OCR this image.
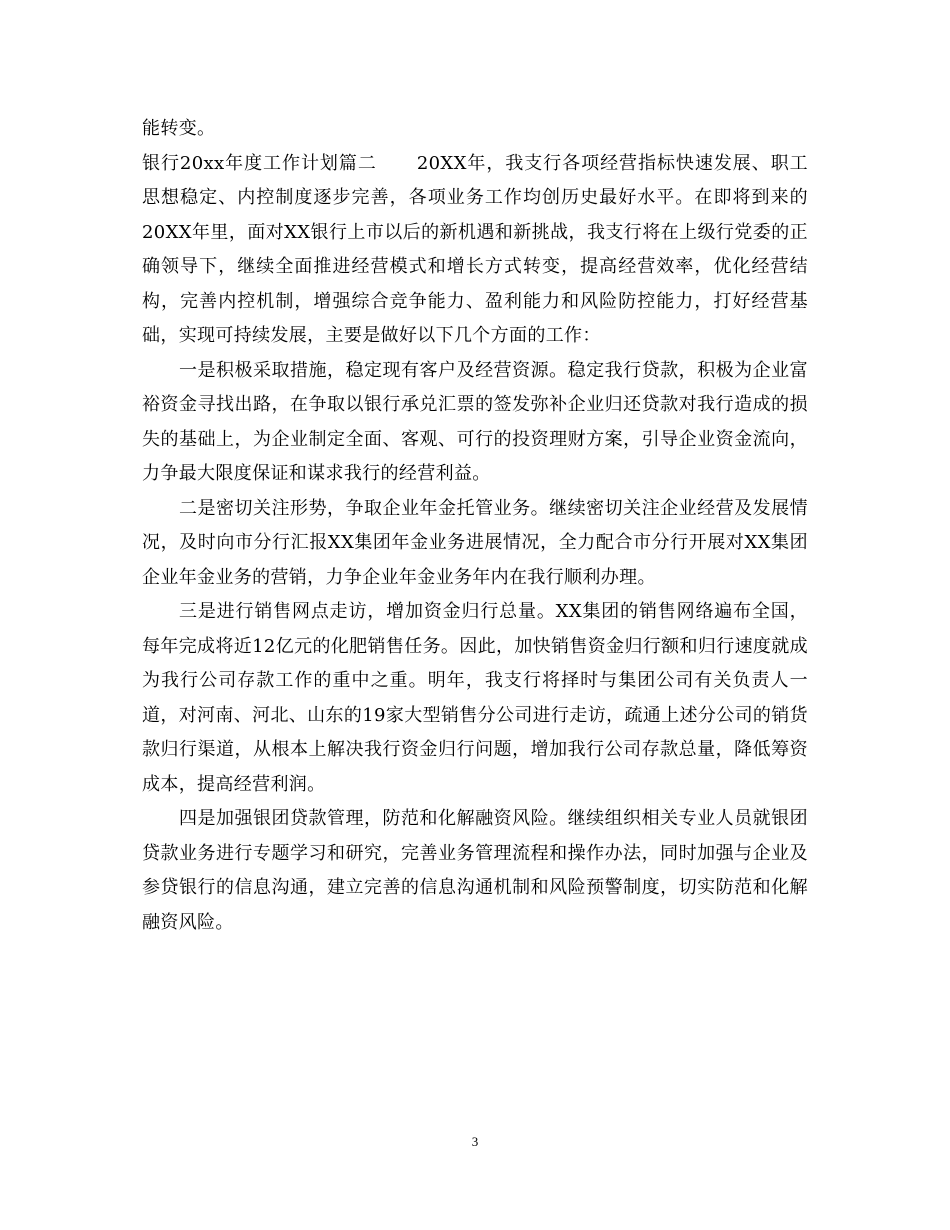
能转变。

银行20xx年度工作计划篇二 20XX年，我支行各项经营指标快速发展、职工思想稳定、内控制度逐步完善，各项业务工作均创历史最好水平。在即将到来的20XX年里，面对XX银行上市以后的新机遇和新挑战，我支行将在上级行党委的正确领导下，继续全面推进经营模式和增长方式转变，提高经营效率，优化经营结构，完善内控机制，增强综合竞争能力、盈利能力和风险防控能力，打好经营基础，实现可持续发展，主要是做好以下几个方面的工作：

一是积极采取措施，稳定现有客户及经营资源。稳定我行贷款，积极为企业富裕资金寻找出路，在争取以银行承兑汇票的签发弥补企业归还贷款对我行造成的损失的基础上，为企业制定全面、客观、可行的投资理财方案，引导企业资金流向，力争最大限度保证和谋求我行的经营利益。

二是密切关注形势，争取企业年金托管业务。继续密切关注企业经营及发展情况，及时向市分行汇报XX集团年金业务进展情况，全力配合市分行开展对XX集团企业年金业务的营销，力争企业年金业务年内在我行顺利办理。

三是进行销售网点走访，增加资金归行总量。XX集团的销售网络遍布全国，每年完成将近12亿元的化肥销售任务。因此，加快销售资金归行额和归行速度就成为我行公司存款工作的重中之重。明年，我支行将择时与集团公司有关负责人一道，对河南、河北、山东的19家大型销售分公司进行走访，疏通上述分公司的销货款归行渠道，从根本上解决我行资金归行问题，增加我行公司存款总量，降低筹资成本，提高经营利润。

四是加强银团贷款管理，防范和化解融资风险。继续组织相关专业人员就银团贷款业务进行专题学习和研究，完善业务管理流程和操作办法，同时加强与企业及参贷银行的信息沟通，建立完善的信息沟通机制和风险预警制度，切实防范和化解融资风险。

3
